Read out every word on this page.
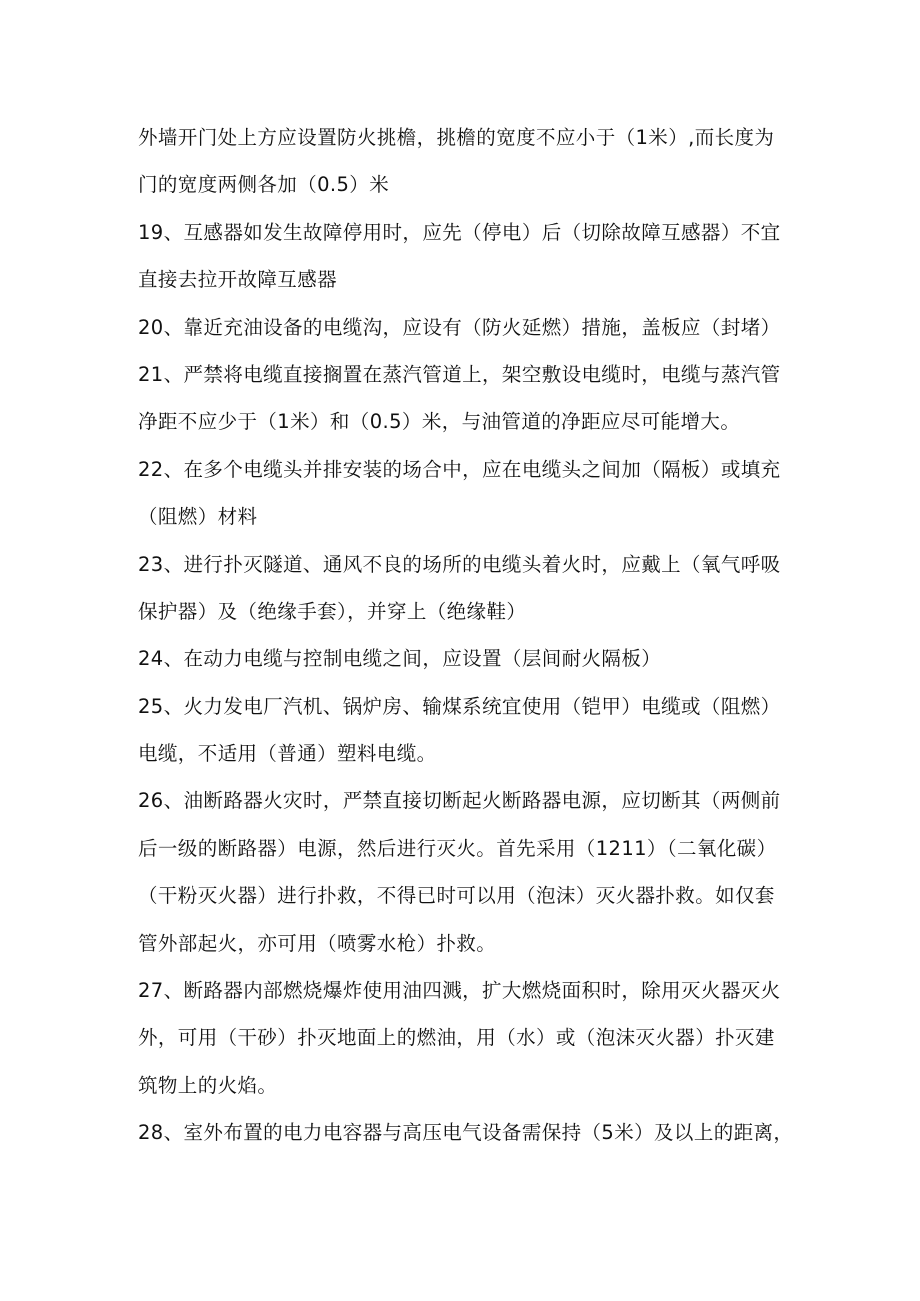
外墙开门处上方应设置防火挑檐，挑檐的宽度不应小于（1米）,而长度为
门的宽度两侧各加（0.5）米
19、互感器如发生故障停用时，应先（停电）后（切除故障互感器）不宜
直接去拉开故障互感器
20、靠近充油设备的电缆沟，应设有（防火延燃）措施，盖板应（封堵）
21、严禁将电缆直接搁置在蒸汽管道上，架空敷设电缆时，电缆与蒸汽管
净距不应少于（1米）和（0.5）米，与油管道的净距应尽可能增大。
22、在多个电缆头并排安装的场合中，应在电缆头之间加（隔板）或填充
（阻燃）材料
23、进行扑灭隧道、通风不良的场所的电缆头着火时，应戴上（氧气呼吸
保护器）及（绝缘手套），并穿上（绝缘鞋）
24、在动力电缆与控制电缆之间，应设置（层间耐火隔板）
25、火力发电厂汽机、锅炉房、输煤系统宜使用（铠甲）电缆或（阻燃）
电缆，不适用（普通）塑料电缆。
26、油断路器火灾时，严禁直接切断起火断路器电源，应切断其（两侧前
后一级的断路器）电源，然后进行灭火。首先采用（1211）（二氧化碳）
（干粉灭火器）进行扑救，不得已时可以用（泡沫）灭火器扑救。如仅套
管外部起火，亦可用（喷雾水枪）扑救。
27、断路器内部燃烧爆炸使用油四溅，扩大燃烧面积时，除用灭火器灭火
外，可用（干砂）扑灭地面上的燃油，用（水）或（泡沫灭火器）扑灭建
筑物上的火焰。
28、室外布置的电力电容器与高压电气设备需保持（5米）及以上的距离，
